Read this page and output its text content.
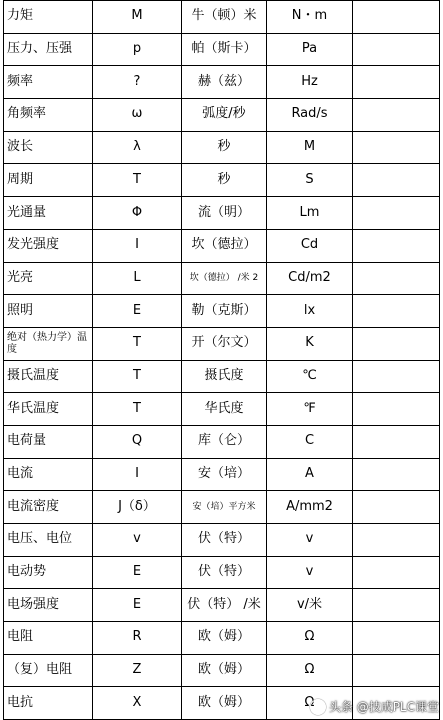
力矩	M	牛（顿）米	N・m	
压力、压强	p	帕（斯卡）	Pa	
频率	?	赫（兹）	Hz	
角频率	ω	弧度/秒	Rad/s	
波长	λ	秒	M	
周期	T	秒	S	
光通量	Φ	流（明）	Lm	
发光强度	I	坎（德拉）	Cd	
光亮	L	坎（德拉） /米 2	Cd/m2	
照明	E	勒（克斯）	lx	
绝对（热力学）温度	T	开（尔文）	K	
摄氏温度	T	摄氏度	℃	
华氏温度	T	华氏度	℉	
电荷量	Q	库（仑）	C	
电流	I	安（培）	A	
电流密度	J（δ）	安（培）平方米	A/mm2	
电压、电位	v	伏（特）	v	
电动势	E	伏（特）	v	
电场强度	E	伏（特） /米	v/米	
电阻	R	欧（姆）	Ω	
（复）电阻	Z	欧（姆）	Ω	
电抗	X	欧（姆）	Ω	头条 @技成PLC课堂
